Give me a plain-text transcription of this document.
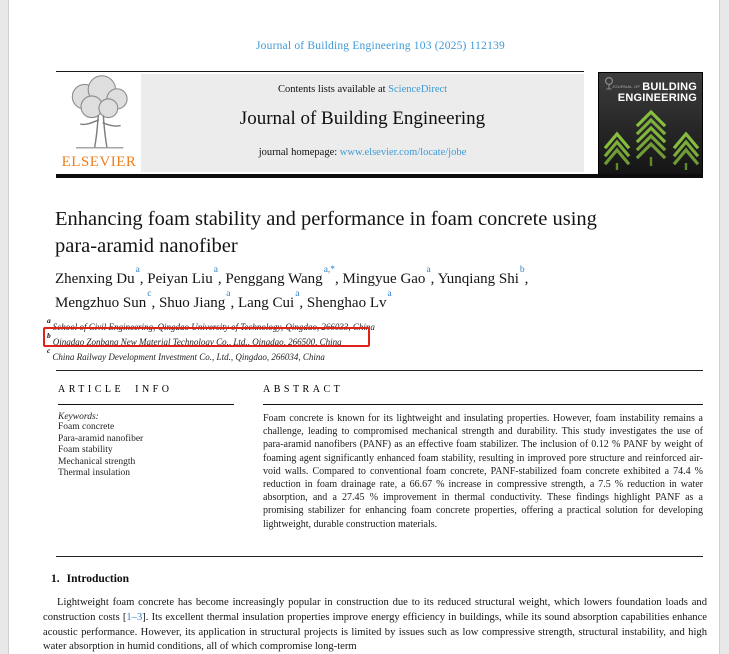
Journal of Building Engineering 103 (2025) 112139
ELSEVIER
Contents lists available at ScienceDirect
Journal of Building Engineering
journal homepage: www.elsevier.com/locate/jobe
JOURNAL OF BUILDING
ENGINEERING
Enhancing foam stability and performance in foam concrete using
para-aramid nanofiber
Zhenxing Du$^a$, Peiyan Liu$^a$, Penggang Wang$^{a,*}$, Mingyue Gao$^a$, Yunqiang Shi$^b$,
Mengzhuo Sun$^c$, Shuo Jiang$^a$, Lang Cui$^a$, Shenghao Lv$^a$
$^a$School of Civil Engineering, Qingdao University of Technology, Qingdao, 266033, China
$^b$Qingdao Zonbang New Material Technology Co., Ltd., Qingdao, 266500, China
$^c$China Railway Development Investment Co., Ltd., Qingdao, 266034, China
ARTICLE INFO
Keywords:
Foam concrete
Para-aramid nanofiber
Foam stability
Mechanical strength
Thermal insulation
ABSTRACT
Foam concrete is known for its lightweight and insulating properties. However, foam instability remains a challenge, leading to compromised mechanical strength and durability. This study investigates the use of para-aramid nanofibers (PANF) as an effective foam stabilizer. The inclusion of 0.12 % PANF by weight of foaming agent significantly enhanced foam stability, resulting in improved pore structure and reinforced air-void walls. Compared to conventional foam concrete, PANF-stabilized foam concrete exhibited a 74.4 % reduction in foam drainage rate, a 66.67 % increase in compressive strength, a 7.5 % reduction in water absorption, and a 27.45 % improvement in thermal conductivity. These findings highlight PANF as a promising stabilizer for enhancing foam concrete properties, offering a practical solution for developing lightweight, durable construction materials.
1. Introduction
Lightweight foam concrete has become increasingly popular in construction due to its reduced structural weight, which lowers foundation loads and construction costs [1–3]. Its excellent thermal insulation properties improve energy efficiency in buildings, while its sound absorption capabilities enhance acoustic performance. However, its application in structural projects is limited by issues such as low compressive strength, structural instability, and high water absorption in humid conditions, all of which compromise long-term
